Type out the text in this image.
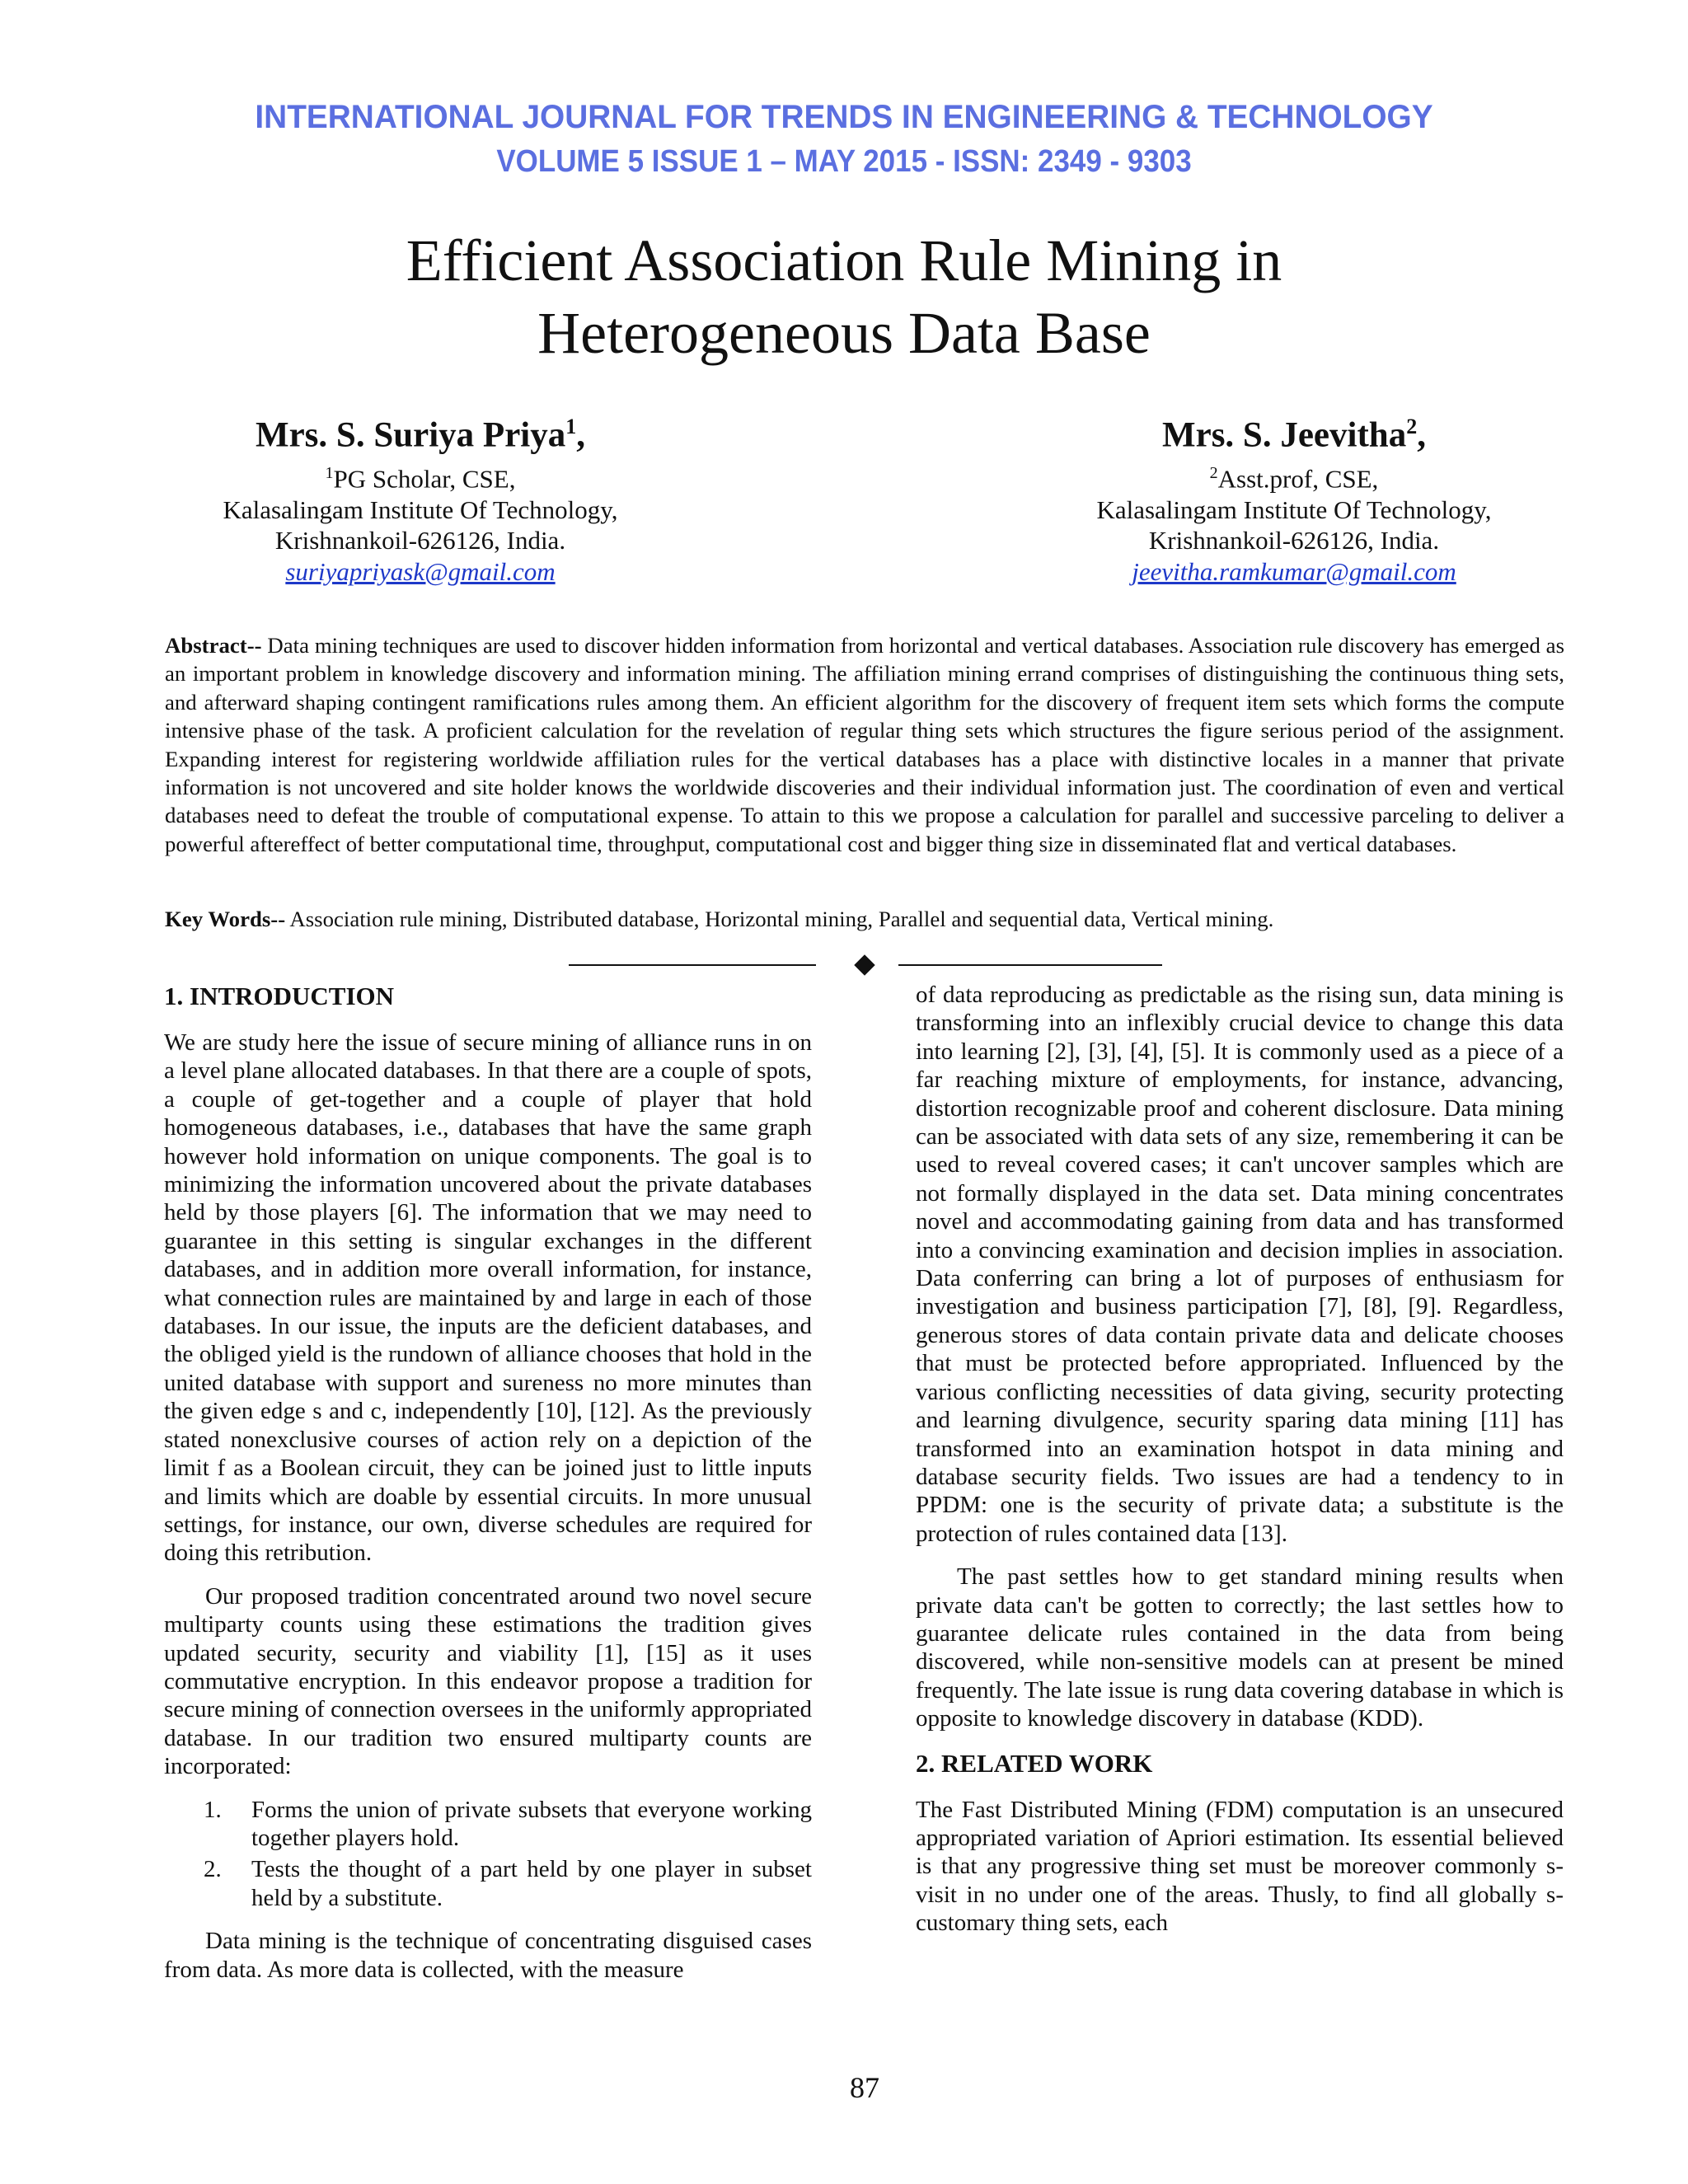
INTERNATIONAL JOURNAL FOR TRENDS IN ENGINEERING & TECHNOLOGY
VOLUME 5 ISSUE 1 – MAY 2015 - ISSN: 2349 - 9303
Efficient Association Rule Mining in
Heterogeneous Data Base
Mrs. S. Suriya Priya$^1$,
$^1$PG Scholar, CSE,
Kalasalingam Institute Of Technology,
Krishnankoil-626126, India.
suriyapriyask@gmail.com
Mrs. S. Jeevitha$^2$,
$^2$Asst.prof, CSE,
Kalasalingam Institute Of Technology,
Krishnankoil-626126, India.
jeevitha.ramkumar@gmail.com
Abstract-- Data mining techniques are used to discover hidden information from horizontal and vertical databases. Association rule discovery has emerged as an important problem in knowledge discovery and information mining. The affiliation mining errand comprises of distinguishing the continuous thing sets, and afterward shaping contingent ramifications rules among them. An efficient algorithm for the discovery of frequent item sets which forms the compute intensive phase of the task. A proficient calculation for the revelation of regular thing sets which structures the figure serious period of the assignment. Expanding interest for registering worldwide affiliation rules for the vertical databases has a place with distinctive locales in a manner that private information is not uncovered and site holder knows the worldwide discoveries and their individual information just. The coordination of even and vertical databases need to defeat the trouble of computational expense. To attain to this we propose a calculation for parallel and successive parceling to deliver a powerful aftereffect of better computational time, throughput, computational cost and bigger thing size in disseminated flat and vertical databases.
Key Words-- Association rule mining, Distributed database, Horizontal mining, Parallel and sequential data, Vertical mining.
1. INTRODUCTION

We are study here the issue of secure mining of alliance runs in on a level plane allocated databases. In that there are a couple of spots, a couple of get-together and a couple of player that hold homogeneous databases, i.e., databases that have the same graph however hold information on unique components. The goal is to minimizing the information uncovered about the private databases held by those players [6]. The information that we may need to guarantee in this setting is singular exchanges in the different databases, and in addition more overall information, for instance, what connection rules are maintained by and large in each of those databases. In our issue, the inputs are the deficient databases, and the obliged yield is the rundown of alliance chooses that hold in the united database with support and sureness no more minutes than the given edge s and c, independently [10], [12]. As the previously stated nonexclusive courses of action rely on a depiction of the limit f as a Boolean circuit, they can be joined just to little inputs and limits which are doable by essential circuits. In more unusual settings, for instance, our own, diverse schedules are required for doing this retribution.

Our proposed tradition concentrated around two novel secure multiparty counts using these estimations the tradition gives updated security, security and viability [1], [15] as it uses commutative encryption. In this endeavor propose a tradition for secure mining of connection oversees in the uniformly appropriated database. In our tradition two ensured multiparty counts are incorporated:

1. Forms the union of private subsets that everyone working together players hold.
2. Tests the thought of a part held by one player in subset held by a substitute.

Data mining is the technique of concentrating disguised cases from data. As more data is collected, with the measure

of data reproducing as predictable as the rising sun, data mining is transforming into an inflexibly crucial device to change this data into learning [2], [3], [4], [5]. It is commonly used as a piece of a far reaching mixture of employments, for instance, advancing, distortion recognizable proof and coherent disclosure. Data mining can be associated with data sets of any size, remembering it can be used to reveal covered cases; it can't uncover samples which are not formally displayed in the data set. Data mining concentrates novel and accommodating gaining from data and has transformed into a convincing examination and decision implies in association. Data conferring can bring a lot of purposes of enthusiasm for investigation and business participation [7], [8], [9]. Regardless, generous stores of data contain private data and delicate chooses that must be protected before appropriated. Influenced by the various conflicting necessities of data giving, security protecting and learning divulgence, security sparing data mining [11] has transformed into an examination hotspot in data mining and database security fields. Two issues are had a tendency to in PPDM: one is the security of private data; a substitute is the protection of rules contained data [13].

The past settles how to get standard mining results when private data can't be gotten to correctly; the last settles how to guarantee delicate rules contained in the data from being discovered, while non-sensitive models can at present be mined frequently. The late issue is rung data covering database in which is opposite to knowledge discovery in database (KDD).

2. RELATED WORK

The Fast Distributed Mining (FDM) computation is an unsecured appropriated variation of Apriori estimation. Its essential believed is that any progressive thing set must be moreover commonly s-visit in no under one of the areas. Thusly, to find all globally s-customary thing sets, each

87
